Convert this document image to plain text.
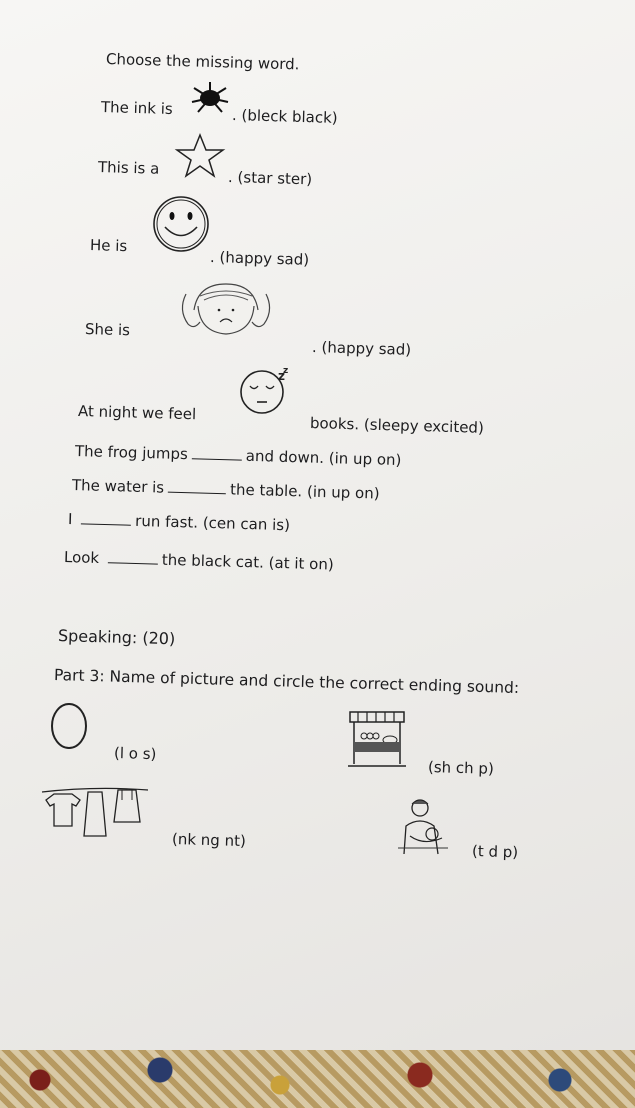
Choose the missing word.
The ink is	. (bleck black)
This is a	. (star ster)
He is
. (happy sad)
She is
. (happy sad)
At night we feel
z
z
books. (sleepy excited)
The frog jumps	and down. (in up on)
The water is	the table. (in up on)
I	run fast. (cen can is)
Look	the black cat. (at it on)
Speaking: (20)
Part 3: Name of picture and circle the correct ending sound:
(l o s)
(sh ch p)
(nk ng nt)
(t d p)
